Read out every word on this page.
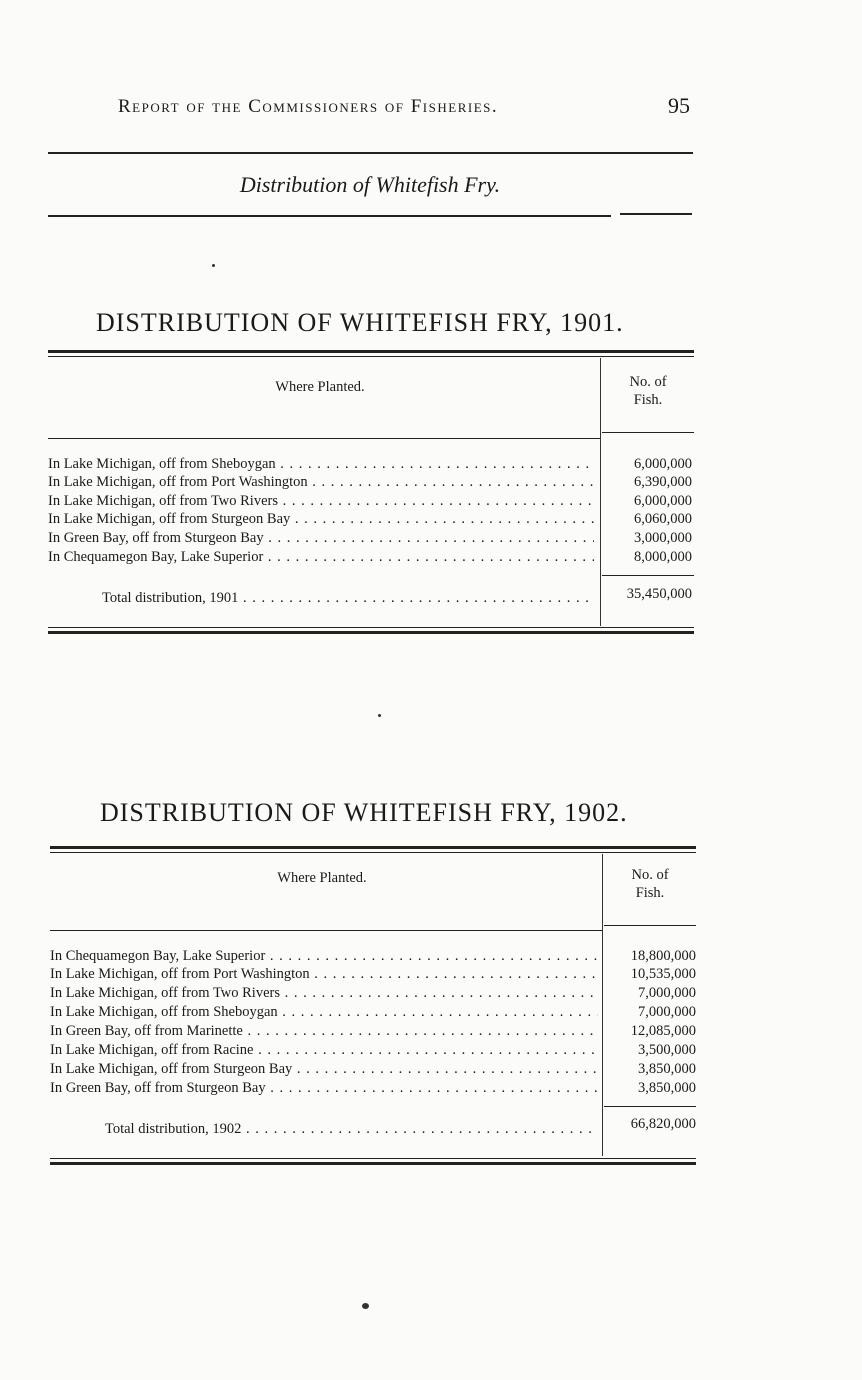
Report of the Commissioners of Fisheries.	95
Distribution of Whitefish Fry.
DISTRIBUTION OF WHITEFISH FRY, 1901.
Where Planted.	No. of
Fish.
In Lake Michigan, off from Sheboygan . . .	6,000,000
In Lake Michigan, off from Port Washington . . .	6,390,000
In Lake Michigan, off from Two Rivers . . .	6,000,000
In Lake Michigan, off from Sturgeon Bay . . .	6,060,000
In Green Bay, off from Sturgeon Bay . . .	3,000,000
In Chequamegon Bay, Lake Superior . . .	8,000,000
Total distribution, 1901 . . .	35,450,000
DISTRIBUTION OF WHITEFISH FRY, 1902.
Where Planted.	No. of
Fish.
In Chequamegon Bay, Lake Superior . . .	18,800,000
In Lake Michigan, off from Port Washington . . .	10,535,000
In Lake Michigan, off from Two Rivers . . .	7,000,000
In Lake Michigan, off from Sheboygan . . .	7,000,000
In Green Bay, off from Marinette . . .	12,085,000
In Lake Michigan, off from Racine . . .	3,500,000
In Lake Michigan, off from Sturgeon Bay . . .	3,850,000
In Green Bay, off from Sturgeon Bay . . .	3,850,000
Total distribution, 1902 . . .	66,820,000
